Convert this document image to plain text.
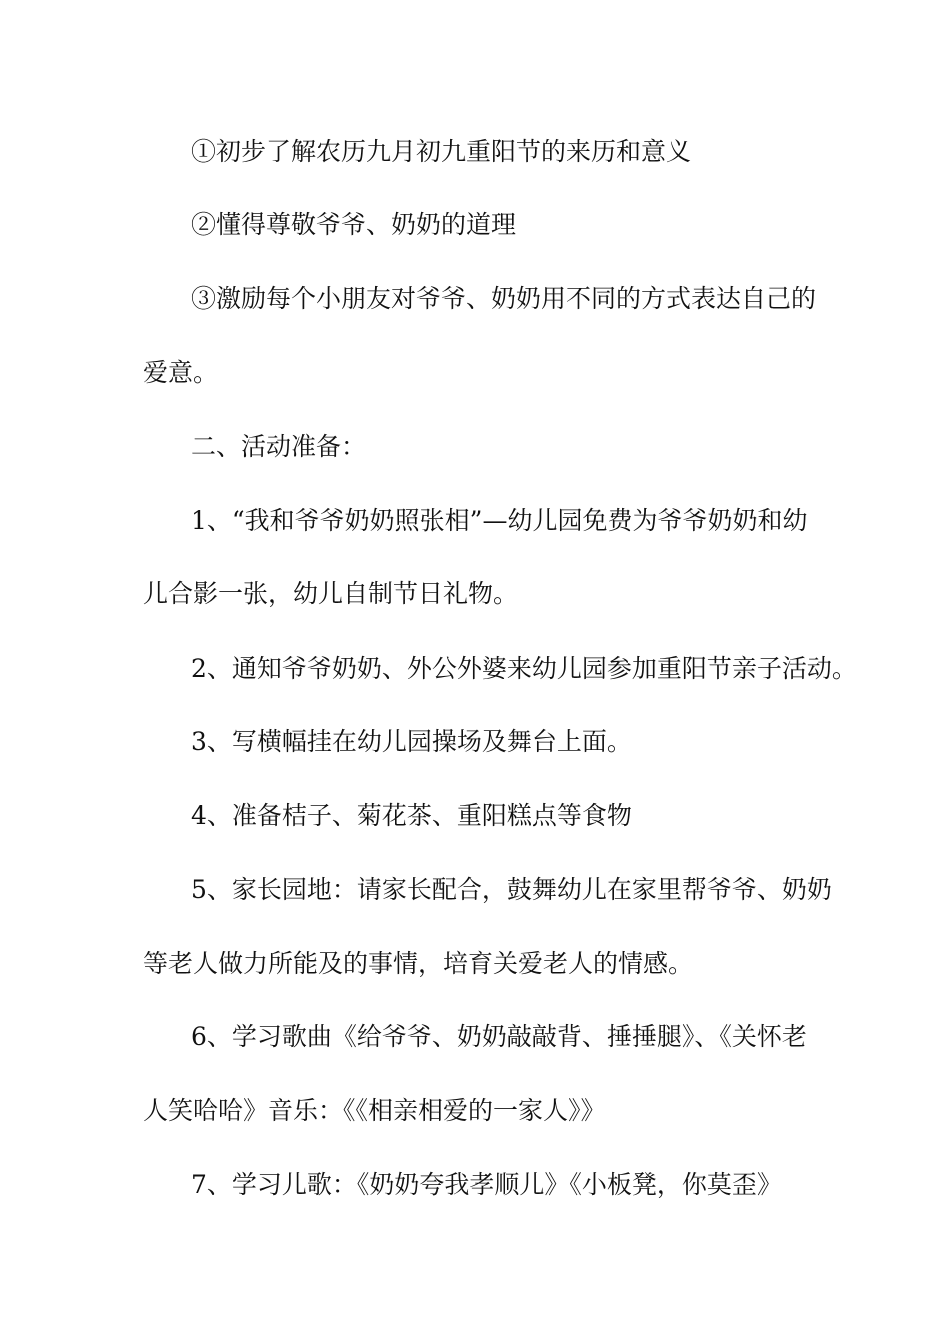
①初步了解农历九月初九重阳节的来历和意义
②懂得尊敬爷爷、奶奶的道理
③激励每个小朋友对爷爷、奶奶用不同的方式表达自己的
爱意。
二、活动准备：
1、“我和爷爷奶奶照张相”—幼儿园免费为爷爷奶奶和幼
儿合影一张，幼儿自制节日礼物。
2、通知爷爷奶奶、外公外婆来幼儿园参加重阳节亲子活动。
3、写横幅挂在幼儿园操场及舞台上面。
4、准备桔子、菊花茶、重阳糕点等食物
5、家长园地：请家长配合，鼓舞幼儿在家里帮爷爷、奶奶
等老人做力所能及的事情，培育关爱老人的情感。
6、学习歌曲《给爷爷、奶奶敲敲背、捶捶腿》、《关怀老
人笑哈哈》音乐：《《相亲相爱的一家人》》
7、学习儿歌：《奶奶夸我孝顺儿》《小板凳，你莫歪》
